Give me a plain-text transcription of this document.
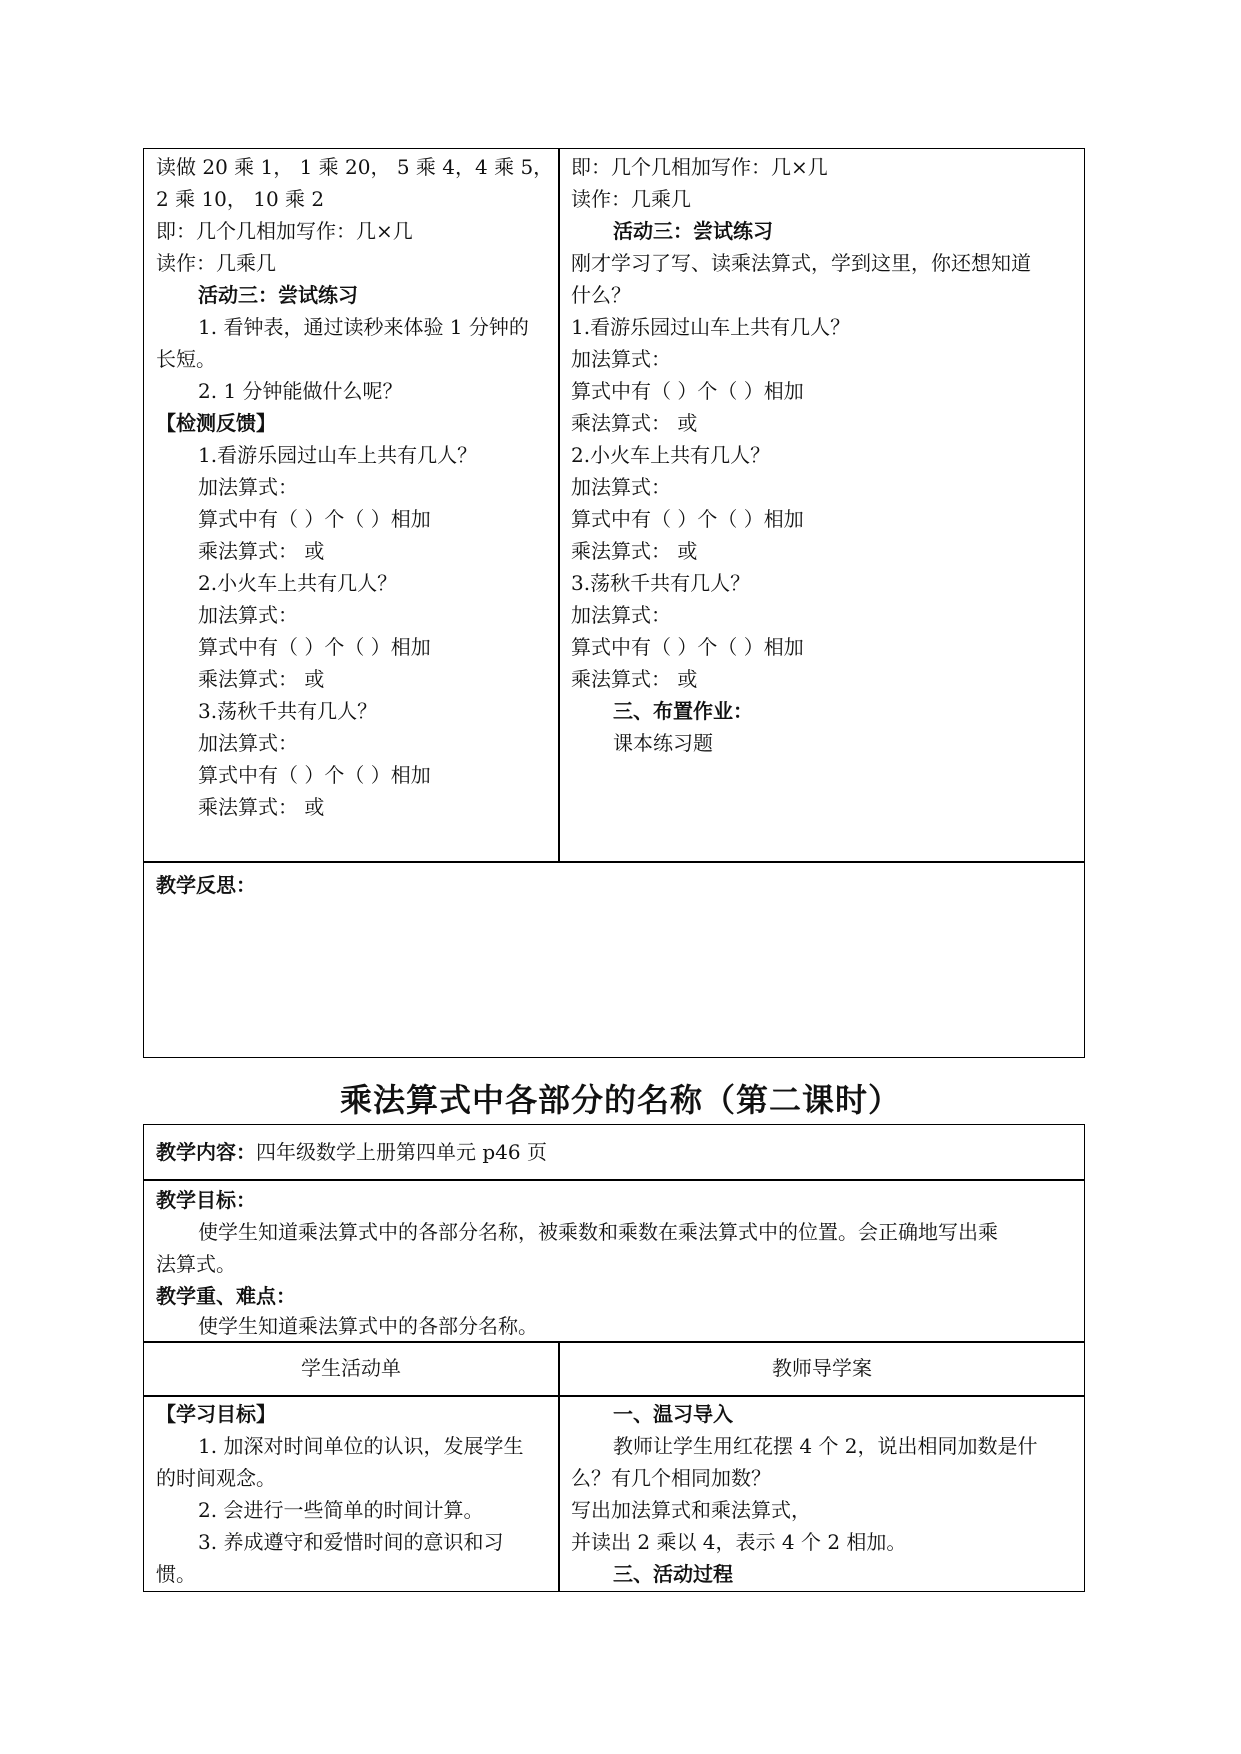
读做 20 乘 1， 1 乘 20， 5 乘 4，4 乘 5，
2 乘 10， 10 乘 2
即：几个几相加写作：几×几
读作：几乘几
活动三：尝试练习
1. 看钟表，通过读秒来体验 1 分钟的
长短。
2. 1 分钟能做什么呢？
【检测反馈】
1.看游乐园过山车上共有几人？
加法算式：
算式中有（ ）个（ ）相加
乘法算式： 或
2.小火车上共有几人？
加法算式：
算式中有（ ）个（ ）相加
乘法算式： 或
3.荡秋千共有几人？
加法算式：
算式中有（ ）个（ ）相加
乘法算式： 或
即：几个几相加写作：几×几
读作：几乘几
活动三：尝试练习
刚才学习了写、读乘法算式，学到这里，你还想知道
什么？
1.看游乐园过山车上共有几人？
加法算式：
算式中有（ ）个（ ）相加
乘法算式： 或
2.小火车上共有几人？
加法算式：
算式中有（ ）个（ ）相加
乘法算式： 或
3.荡秋千共有几人？
加法算式：
算式中有（ ）个（ ）相加
乘法算式： 或
三、布置作业：
课本练习题
教学反思：
乘法算式中各部分的名称（第二课时）
教学内容：四年级数学上册第四单元 p46 页
教学目标：
使学生知道乘法算式中的各部分名称，被乘数和乘数在乘法算式中的位置。会正确地写出乘
法算式。
教学重、难点：
使学生知道乘法算式中的各部分名称。
学生活动单	教师导学案
【学习目标】
1. 加深对时间单位的认识，发展学生
的时间观念。
2. 会进行一些简单的时间计算。
3. 养成遵守和爱惜时间的意识和习
惯。
一、温习导入
教师让学生用红花摆 4 个 2，说出相同加数是什
么？有几个相同加数？
写出加法算式和乘法算式，
并读出 2 乘以 4，表示 4 个 2 相加。
三、活动过程
